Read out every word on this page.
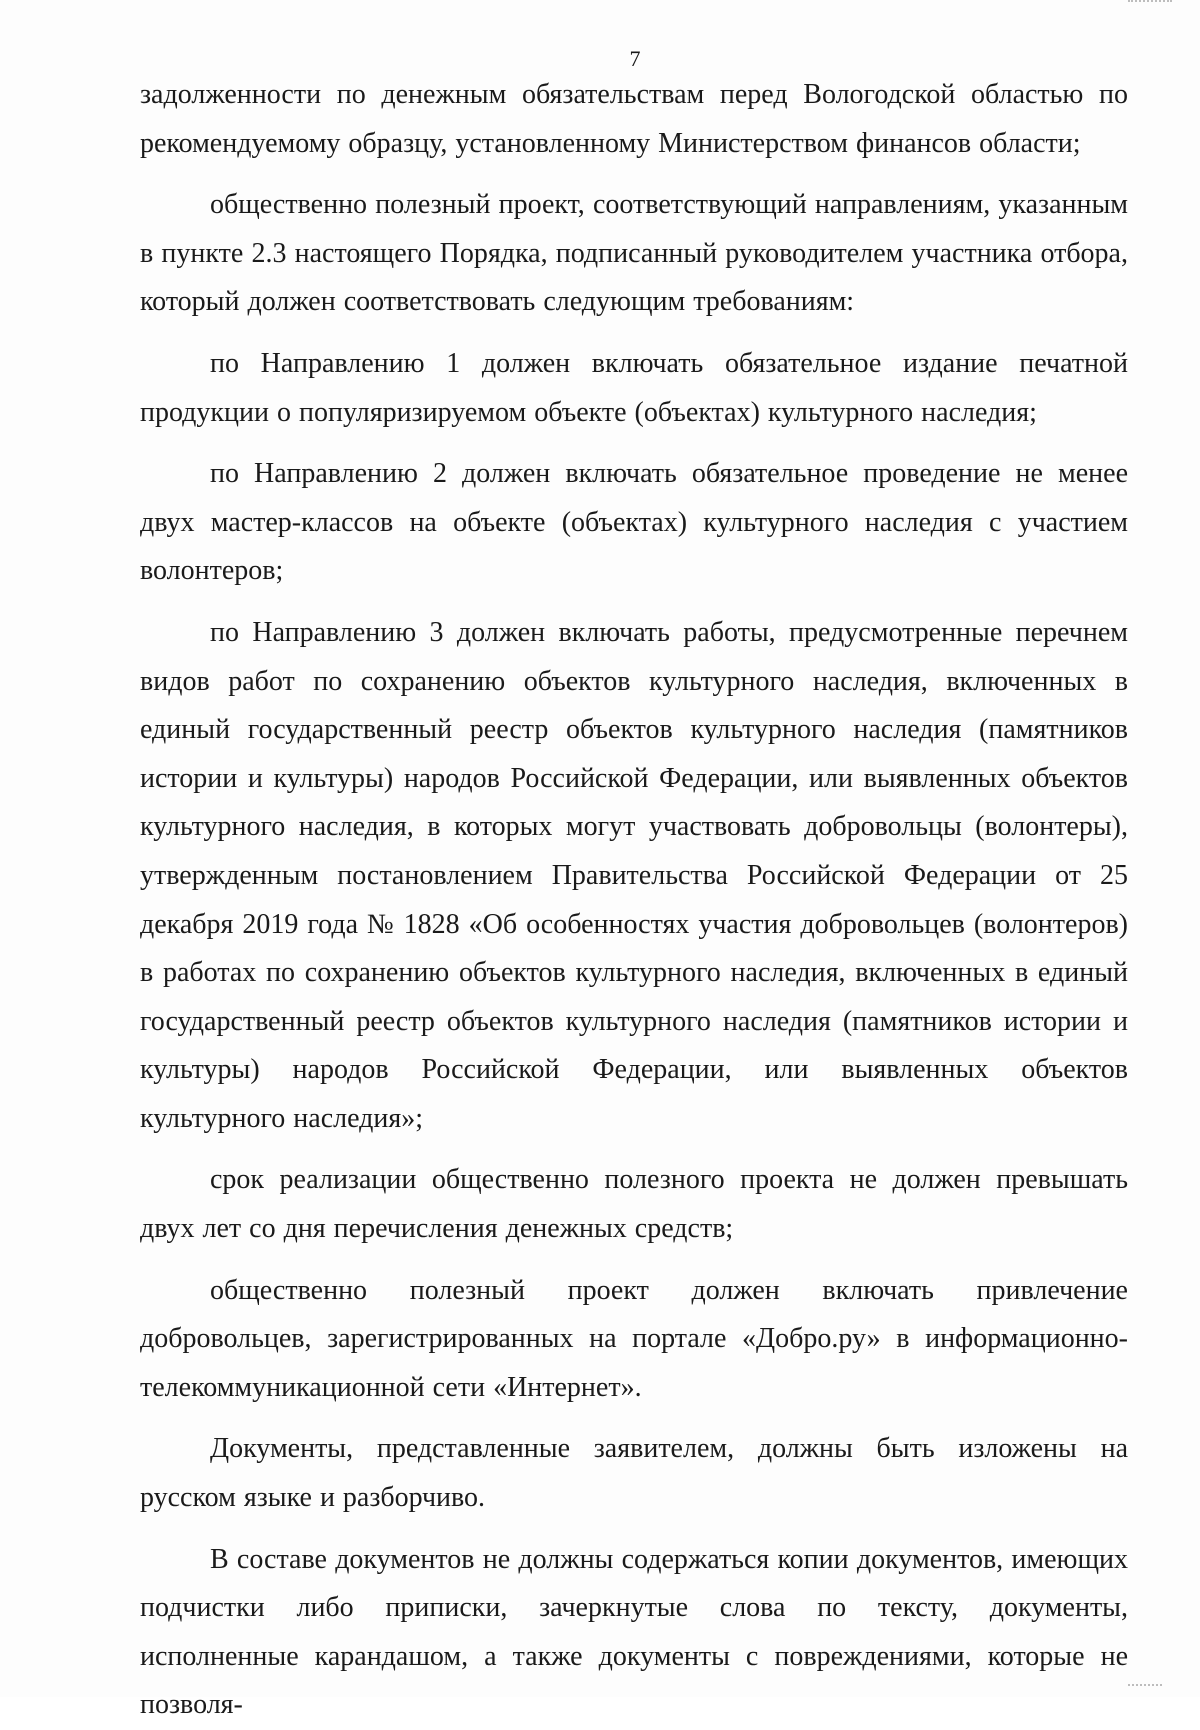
7

задолженности по денежным обязательствам перед Вологодской областью по рекомендуемому образцу, установленному Министерством финансов области;

общественно полезный проект, соответствующий направлениям, указанным в пункте 2.3 настоящего Порядка, подписанный руководителем участника отбора, который должен соответствовать следующим требованиям:

по Направлению 1 должен включать обязательное издание печатной продукции о популяризируемом объекте (объектах) культурного наследия;

по Направлению 2 должен включать обязательное проведение не менее двух мастер-классов на объекте (объектах) культурного наследия с участием волонтеров;

по Направлению 3 должен включать работы, предусмотренные перечнем видов работ по сохранению объектов культурного наследия, включенных в единый государственный реестр объектов культурного наследия (памятников истории и культуры) народов Российской Федерации, или выявленных объектов культурного наследия, в которых могут участвовать добровольцы (волонтеры), утвержденным постановлением Правительства Российской Федерации от 25 декабря 2019 года № 1828 «Об особенностях участия добровольцев (волонтеров) в работах по сохранению объектов культурного наследия, включенных в единый государственный реестр объектов культурного наследия (памятников истории и культуры) народов Российской Федерации, или выявленных объектов культурного наследия»;

срок реализации общественно полезного проекта не должен превышать двух лет со дня перечисления денежных средств;

общественно полезный проект должен включать привлечение добровольцев, зарегистрированных на портале «Добро.ру» в информационно-телекоммуникационной сети «Интернет».

Документы, представленные заявителем, должны быть изложены на русском языке и разборчиво.

В составе документов не должны содержаться копии документов, имеющих подчистки либо приписки, зачеркнутые слова по тексту, документы, исполненные карандашом, а также документы с повреждениями, которые не позволя-
